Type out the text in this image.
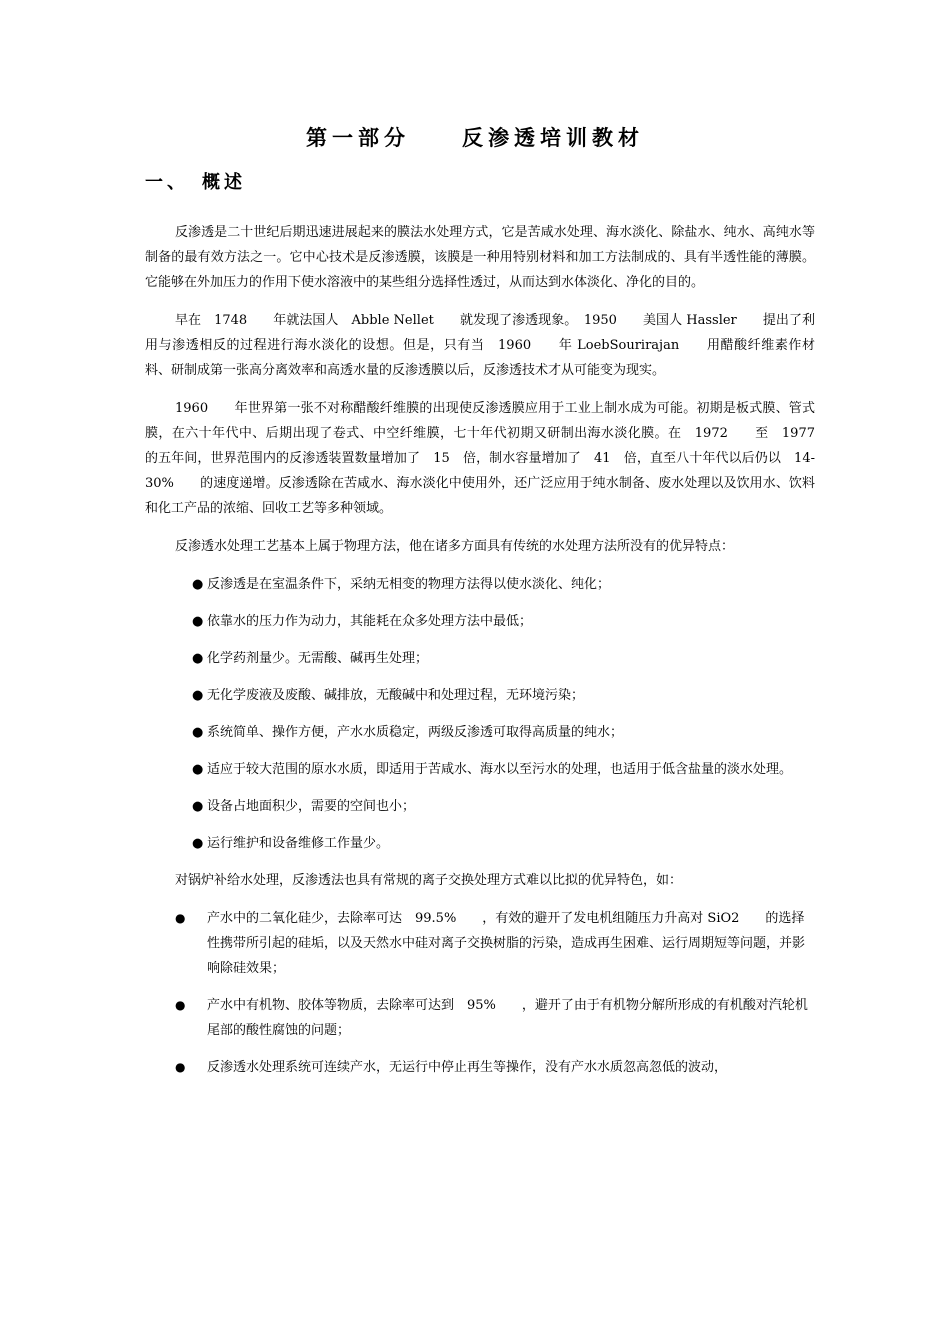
第一部分　　反渗透培训教材
一、　概述

反渗透是二十世纪后期迅速进展起来的膜法水处理方式，它是苦咸水处理、海水淡化、除盐水、纯水、高纯水等制备的最有效方法之一。它中心技术是反渗透膜，该膜是一种用特别材料和加工方法制成的、具有半透性能的薄膜。它能够在外加压力的作用下使水溶液中的某些组分选择性透过，从而达到水体淡化、净化的目的。

早在　1748　　年就法国人　Abble Nellet　　就发现了渗透现象。　1950　　美国人 Hassler　　提出了利用与渗透相反的过程进行海水淡化的设想。但是，只有当　1960　　年 LoebSourirajan　　用醋酸纤维素作材料、研制成第一张高分离效率和高透水量的反渗透膜以后，反渗透技术才从可能变为现实。

1960　　年世界第一张不对称醋酸纤维膜的出现使反渗透膜应用于工业上制水成为可能。初期是板式膜、管式膜，在六十年代中、后期出现了卷式、中空纤维膜，七十年代初期又研制出海水淡化膜。在　1972　　至　1977　　的五年间，世界范围内的反渗透装置数量增加了　15　倍，制水容量增加了　41　倍，直至八十年代以后仍以　14-30%　　的速度递增。反渗透除在苦咸水、海水淡化中使用外，还广泛应用于纯水制备、废水处理以及饮用水、饮料和化工产品的浓缩、回收工艺等多种领域。

反渗透水处理工艺基本上属于物理方法，他在诸多方面具有传统的水处理方法所没有的优异特点：

● 反渗透是在室温条件下，采纳无相变的物理方法得以使水淡化、纯化；
● 依靠水的压力作为动力，其能耗在众多处理方法中最低；
● 化学药剂量少。无需酸、碱再生处理；
● 无化学废液及废酸、碱排放，无酸碱中和处理过程，无环境污染；
● 系统简单、操作方便，产水水质稳定，两级反渗透可取得高质量的纯水；
● 适应于较大范围的原水水质，即适用于苦咸水、海水以至污水的处理，也适用于低含盐量的淡水处理。
● 设备占地面积少，需要的空间也小；
● 运行维护和设备维修工作量少。

对锅炉补给水处理，反渗透法也具有常规的离子交换处理方式难以比拟的优异特色，如：

● 产水中的二氧化硅少，去除率可达　99.5%　　，有效的避开了发电机组随压力升高对 SiO2　　的选择性携带所引起的硅垢，以及天然水中硅对离子交换树脂的污染，造成再生困难、运行周期短等问题，并影响除硅效果；
● 产水中有机物、胶体等物质，去除率可达到　95%　　，避开了由于有机物分解所形成的有机酸对汽轮机尾部的酸性腐蚀的问题；
● 反渗透水处理系统可连续产水，无运行中停止再生等操作，没有产水水质忽高忽低的波动，
